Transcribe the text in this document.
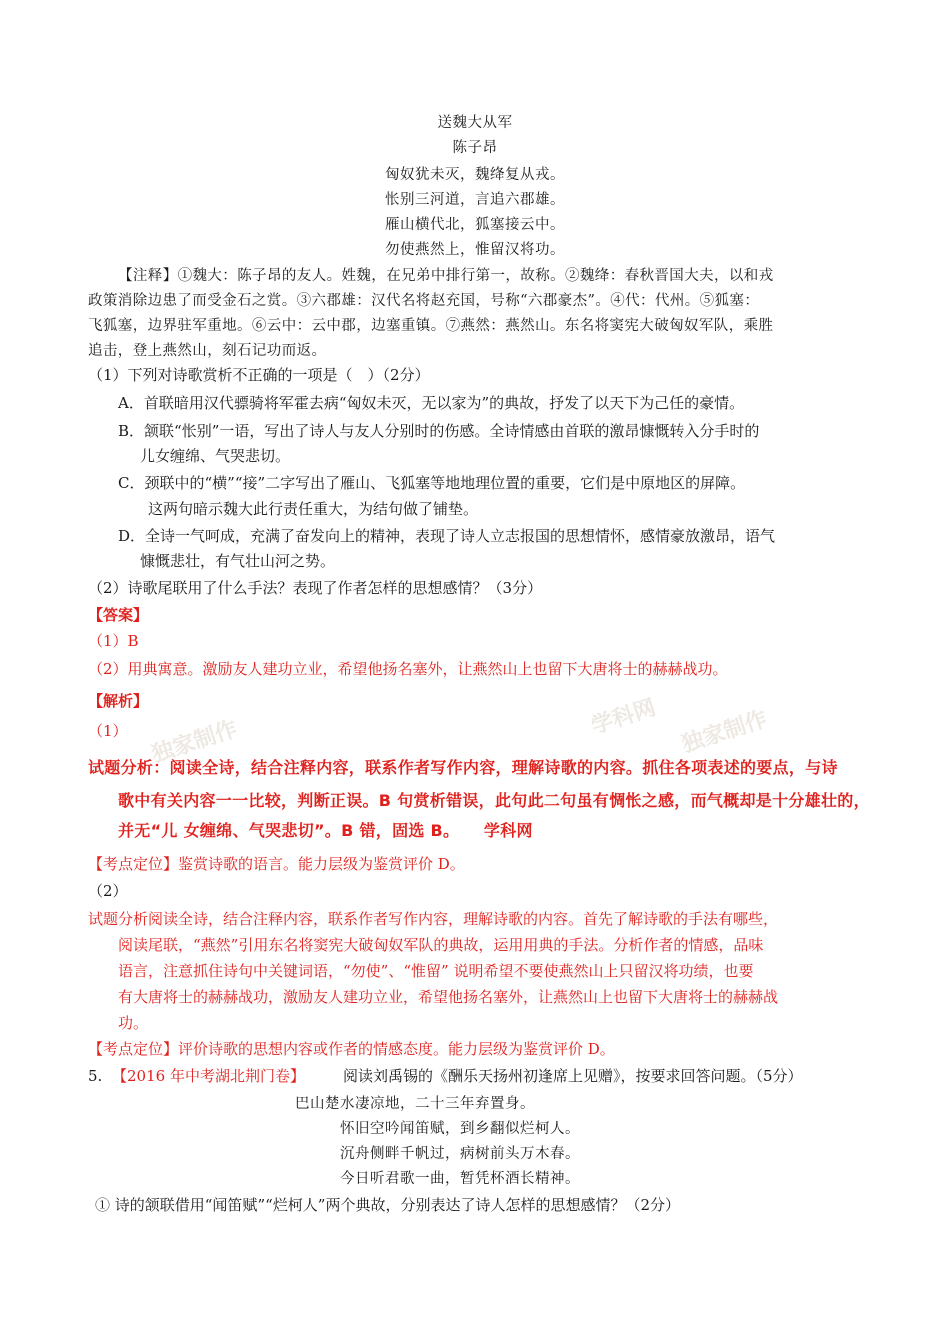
独家制作	学科网 独家制作
送魏大从军
陈子昂
匈奴犹未灭，魏绛复从戎。
怅别三河道，言追六郡雄。
雁山横代北，狐塞接云中。
勿使燕然上，惟留汉将功。
【注释】①魏大：陈子昂的友人。姓魏，在兄弟中排行第一，故称。②魏绛：春秋晋国大夫，以和戎
政策消除边患了而受金石之赏。③六郡雄：汉代名将赵充国，号称“六郡豪杰”。④代：代州。⑤狐塞：
飞狐塞，边界驻军重地。⑥云中：云中郡，边塞重镇。⑦燕然：燕然山。东名将窦宪大破匈奴军队，乘胜
追击，登上燕然山，刻石记功而返。
（1）下列对诗歌赏析不正确的一项是（　）（2分）
A．首联暗用汉代骠骑将军霍去病“匈奴未灭，无以家为”的典故，抒发了以天下为己任的豪情。
B．颔联“怅别”一语，写出了诗人与友人分别时的伤感。全诗情感由首联的激昂慷慨转入分手时的
儿女缠绵、气哭悲切。
C．颈联中的“横”“接”二字写出了雁山、飞狐塞等地地理位置的重要，它们是中原地区的屏障。
这两句暗示魏大此行责任重大，为结句做了铺垫。
D．全诗一气呵成，充满了奋发向上的精神，表现了诗人立志报国的思想情怀，感情豪放激昂，语气
慷慨悲壮，有气壮山河之势。
（2）诗歌尾联用了什么手法？表现了作者怎样的思想感情？（3分）
【答案】
（1）B
（2）用典寓意。激励友人建功立业，希望他扬名塞外，让燕然山上也留下大唐将士的赫赫战功。
【解析】
（1）
试题分析：阅读全诗，结合注释内容，联系作者写作内容，理解诗歌的内容。抓住各项表述的要点，与诗
歌中有关内容一一比较，判断正误。B 句赏析错误，此句此二句虽有惆怅之感，而气概却是十分雄壮的，
并无“儿 女缠绵、气哭悲切”。B 错，固选 B。　　学科网
【考点定位】鉴赏诗歌的语言。能力层级为鉴赏评价 D。
（2）
试题分析阅读全诗，结合注释内容，联系作者写作内容，理解诗歌的内容。首先了解诗歌的手法有哪些，
阅读尾联，“燕然”引用东名将窦宪大破匈奴军队的典故，运用用典的手法。分析作者的情感，品味
语言，注意抓住诗句中关键词语，“勿使”、“惟留” 说明希望不要使燕然山上只留汉将功绩，也要
有大唐将士的赫赫战功，激励友人建功立业，希望他扬名塞外，让燕然山上也留下大唐将士的赫赫战
功。
【考点定位】评价诗歌的思想内容或作者的情感态度。能力层级为鉴赏评价 D。
5. 【2016 年中考湖北荆门卷】	阅读刘禹锡的《酬乐天扬州初逢席上见赠》，按要求回答问题。（5分）
巴山楚水凄凉地，二十三年弃置身。
怀旧空吟闻笛赋，到乡翻似烂柯人。
沉舟侧畔千帆过，病树前头万木春。
今日听君歌一曲，暂凭杯酒长精神。
① 诗的颔联借用“闻笛赋”“烂柯人”两个典故，分别表达了诗人怎样的思想感情？（2分）
